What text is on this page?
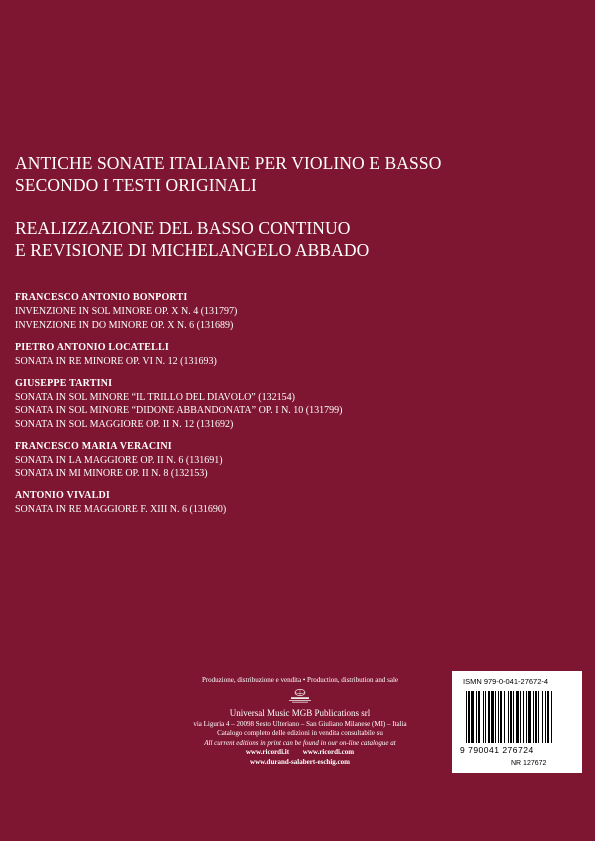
ANTICHE SONATE ITALIANE PER VIOLINO E BASSO
SECONDO I TESTI ORIGINALI
REALIZZAZIONE DEL BASSO CONTINUO
E REVISIONE DI MICHELANGELO ABBADO
FRANCESCO ANTONIO BONPORTI
INVENZIONE IN SOL MINORE OP. X N. 4 (131797)
INVENZIONE IN DO MINORE OP. X N. 6 (131689)
PIETRO ANTONIO LOCATELLI
SONATA IN RE MINORE OP. VI N. 12 (131693)
GIUSEPPE TARTINI
SONATA IN SOL MINORE “IL TRILLO DEL DIAVOLO” (132154)
SONATA IN SOL MINORE “DIDONE ABBANDONATA” OP. I N. 10 (131799)
SONATA IN SOL MAGGIORE OP. II N. 12 (131692)
FRANCESCO MARIA VERACINI
SONATA IN LA MAGGIORE OP. II N. 6 (131691)
SONATA IN MI MINORE OP. II N. 8 (132153)
ANTONIO VIVALDI
SONATA IN RE MAGGIORE F. XIII N. 6 (131690)
Produzione, distribuzione e vendita • Production, distribution and sale
Universal Music MGB Publications srl
via Liguria 4 – 20098 Sesto Ulteriano – San Giuliano Milanese (MI) – Italia
Catalogo completo delle edizioni in vendita consultabile su
All current editions in print can be found in our on-line catalogue at
www.ricordi.it www.ricordi.com
www.durand-salabert-eschig.com
ISMN 979-0-041-27672-4
9 790041 276724
NR 127672
